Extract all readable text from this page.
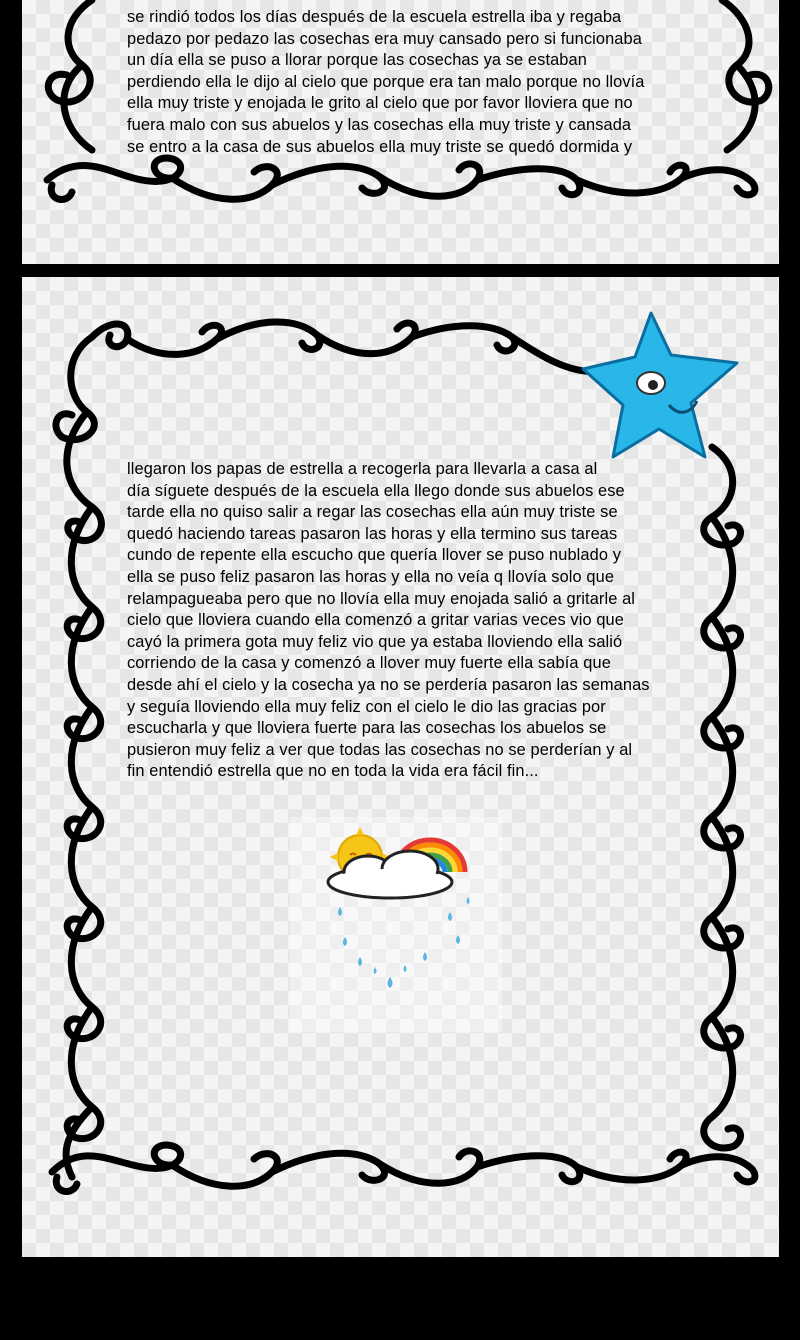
se rindió todos los días después de la escuela estrella iba y regaba
pedazo por pedazo las cosechas era muy cansado pero si funcionaba
un día ella se puso a llorar porque las cosechas ya se estaban
perdiendo ella le dijo al cielo que porque era tan malo porque no llovía
ella muy triste y enojada le grito al cielo que por favor lloviera que no
fuera malo con sus abuelos y las cosechas ella muy triste y cansada
se entro a la casa de sus abuelos ella muy triste se quedó dormida y
llegaron los papas de estrella a recogerla para llevarla a casa al
día síguete después de la escuela ella llego donde sus abuelos ese
tarde ella no quiso salir a regar las cosechas ella aún muy triste se
quedó haciendo tareas pasaron las horas y ella termino sus tareas
cundo de repente ella escucho que quería llover se puso nublado y
ella se puso feliz pasaron las horas y ella no veía q llovía solo que
relampagueaba pero que no llovía ella muy enojada salió a gritarle al
cielo que lloviera cuando ella comenzó a gritar varias veces vio que
cayó la primera gota muy feliz vio que ya estaba lloviendo ella salió
corriendo de la casa y comenzó a llover muy fuerte ella sabía que
desde ahí el cielo y la cosecha ya no se perdería pasaron las semanas
y seguía lloviendo ella muy feliz con el cielo le dio las gracias por
escucharla y que lloviera fuerte para las cosechas los abuelos se
pusieron muy feliz a ver que todas las cosechas no se perderían y al
fin entendió estrella que no en toda la vida era fácil fin...
